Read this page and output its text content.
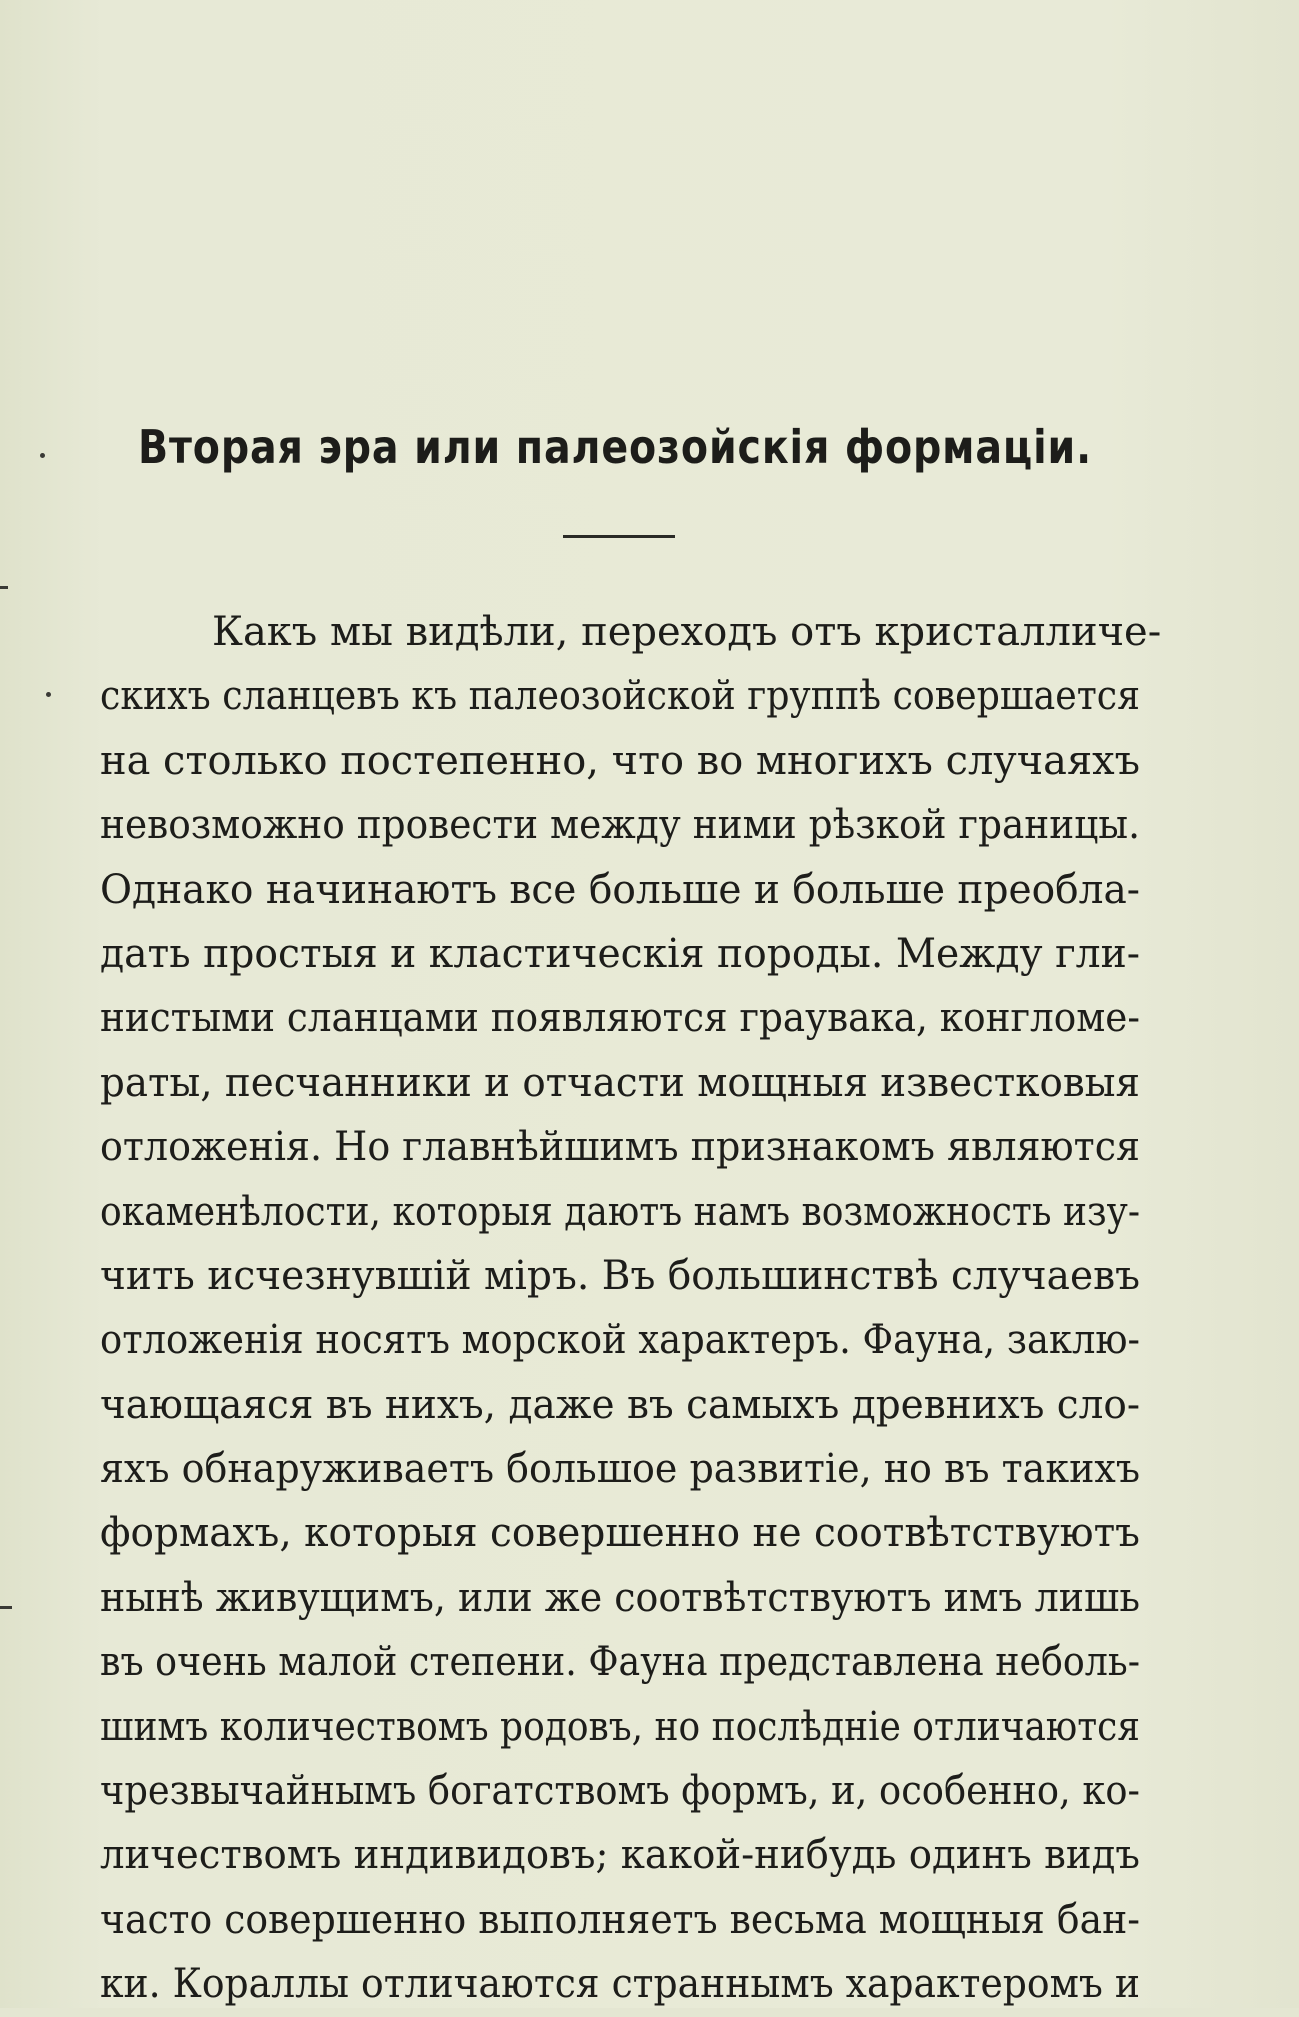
Вторая эра или палеозойскія формаціи.
Какъ мы видѣли, переходъ отъ кристалличе-
скихъ сланцевъ къ палеозойской группѣ совершается
на столько постепенно, что во многихъ случаяхъ
невозможно провести между ними рѣзкой границы.
Однако начинаютъ все больше и больше преобла-
дать простыя и кластическія породы. Между гли-
нистыми сланцами появляются граувака, конгломе-
раты, песчанники и отчасти мощныя известковыя
отложенія. Но главнѣйшимъ признакомъ являются
окаменѣлости, которыя даютъ намъ возможность изу-
чить исчезнувшій міръ. Въ большинствѣ случаевъ
отложенія носятъ морской характеръ. Фауна, заклю-
чающаяся въ нихъ, даже въ самыхъ древнихъ сло-
яхъ обнаруживаетъ большое развитіе, но въ такихъ
формахъ, которыя совершенно не соотвѣтствуютъ
нынѣ живущимъ, или же соотвѣтствуютъ имъ лишь
въ очень малой степени. Фауна представлена неболь-
шимъ количествомъ родовъ, но послѣдніе отличаются
чрезвычайнымъ богатствомъ формъ, и, особенно, ко-
личествомъ индивидовъ; какой-нибудь одинъ видъ
часто совершенно выполняетъ весьма мощныя бан-
ки. Кораллы отличаются страннымъ характеромъ и
